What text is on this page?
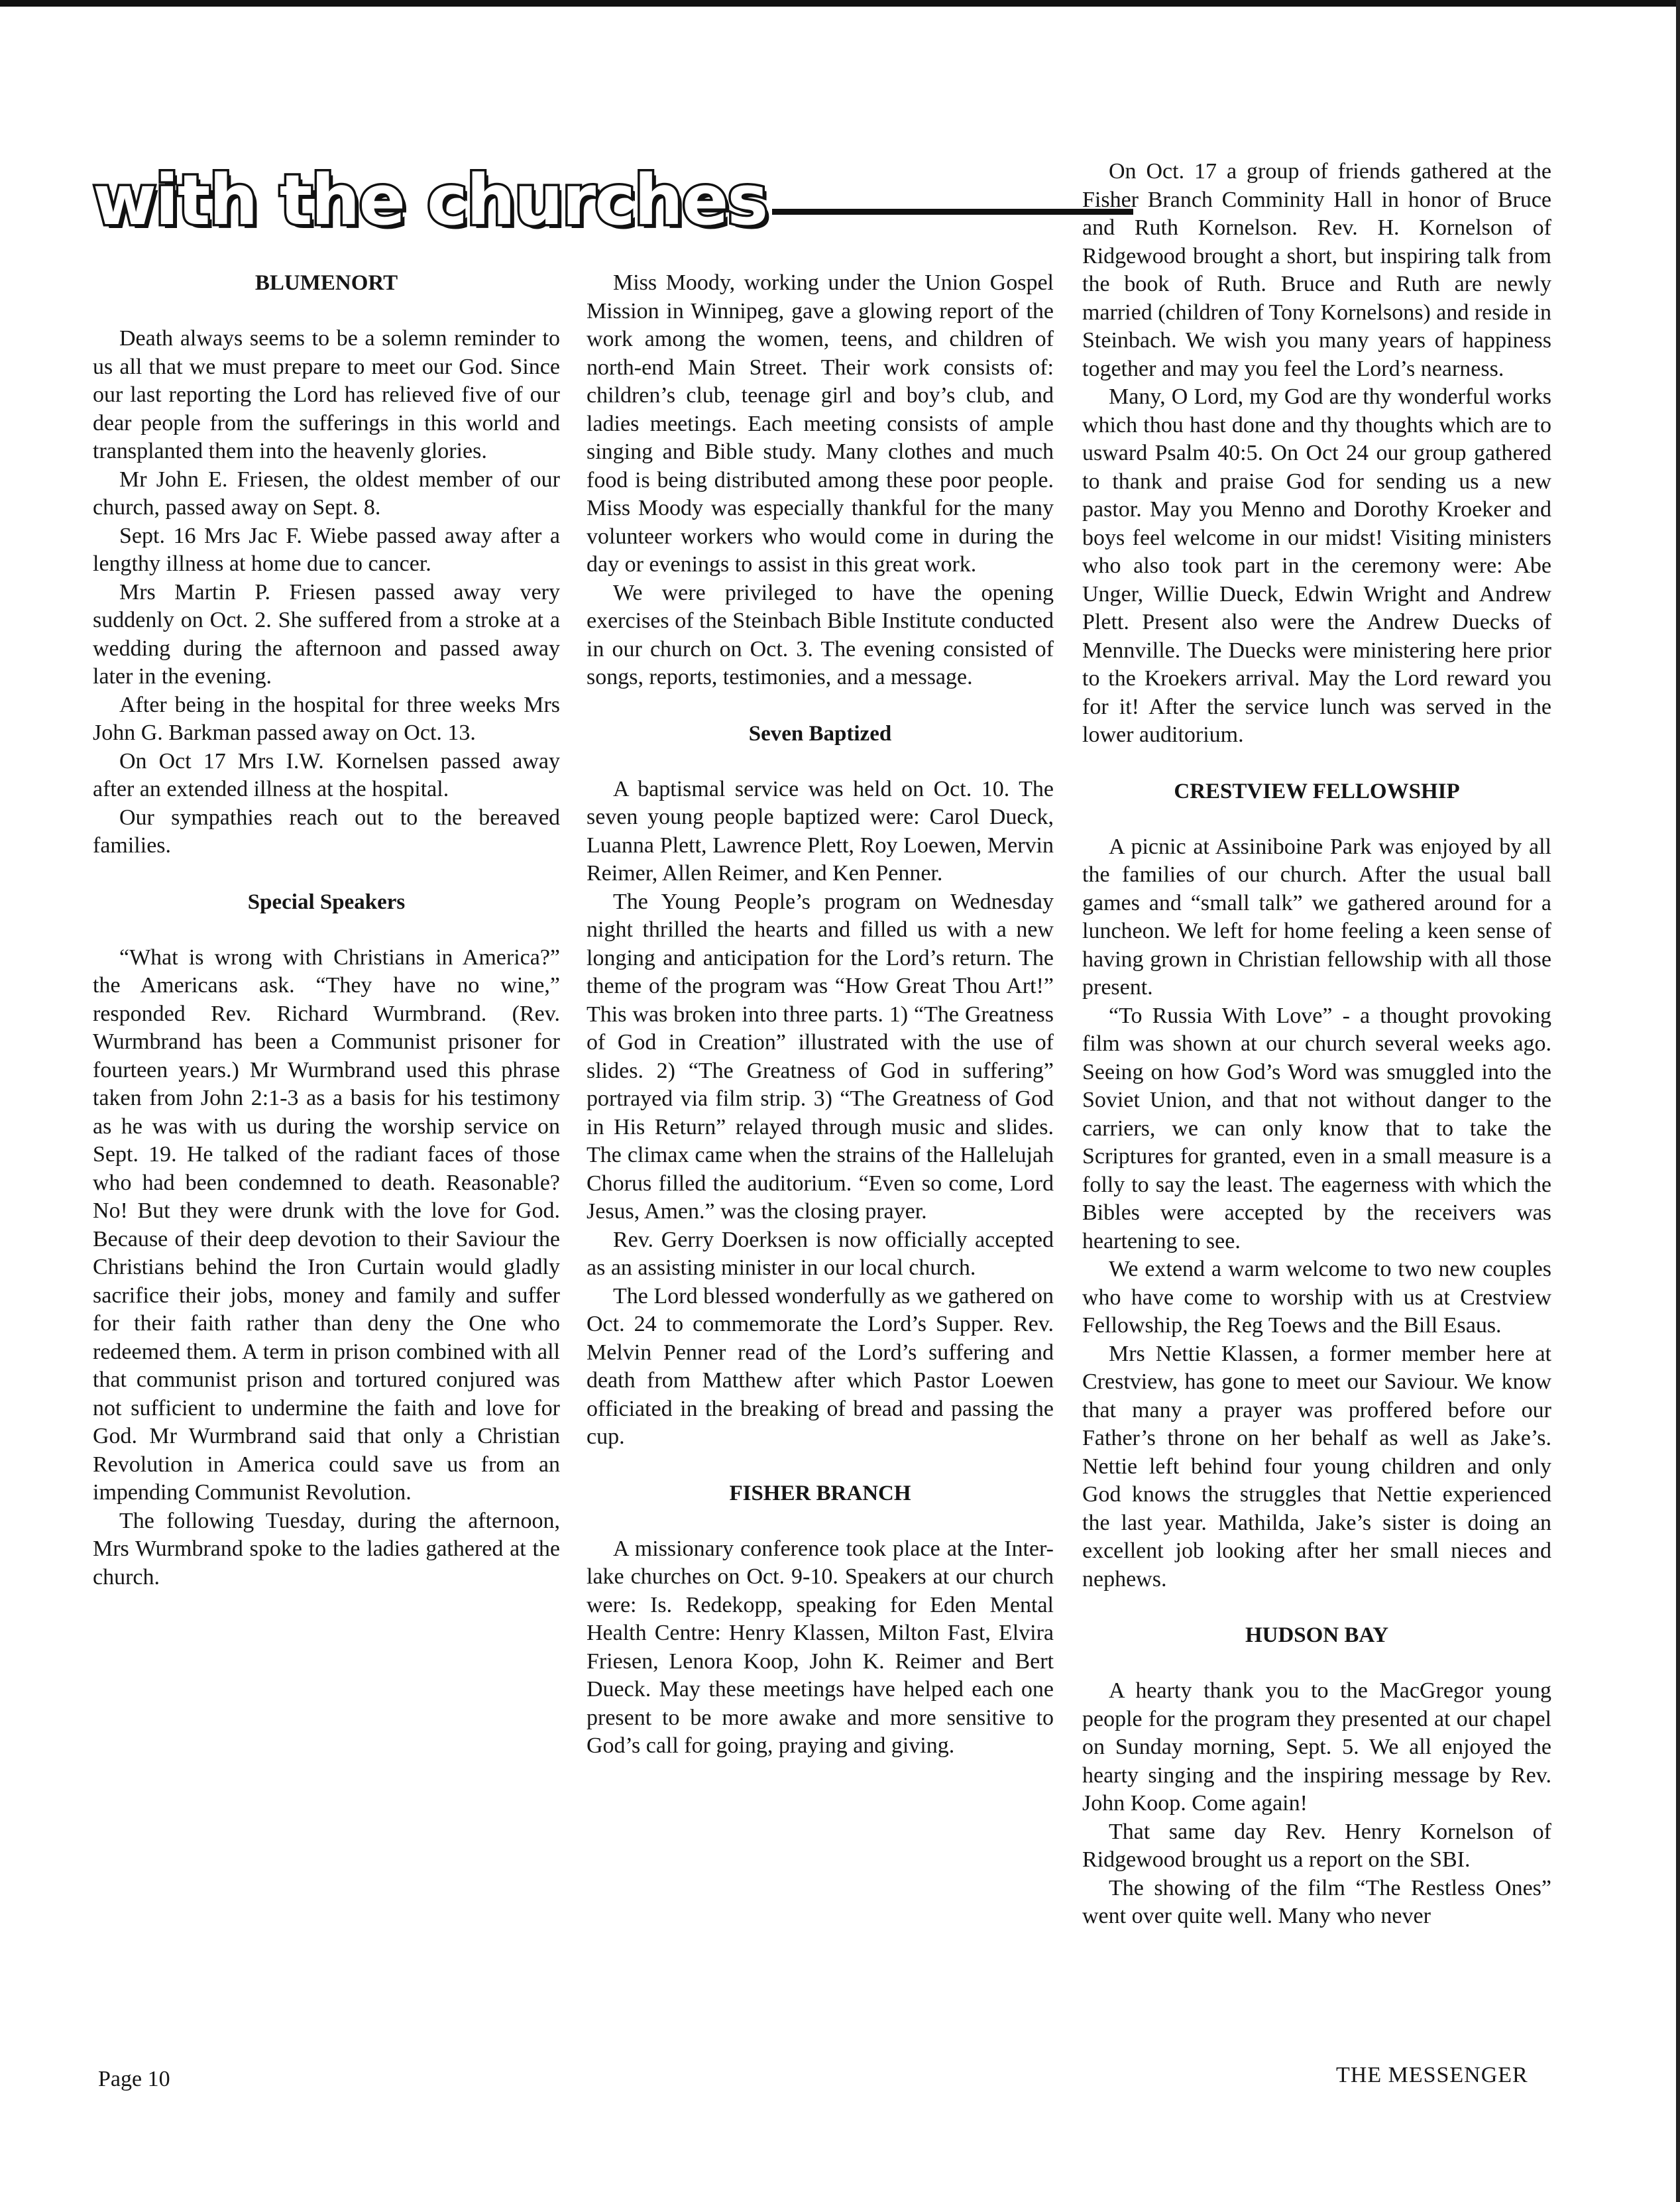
with the churches
BLUMENORT

Death always seems to be a solemn reminder to us all that we must prepare to meet our God. Since our last reporting the Lord has relieved five of our dear people from the sufferings in this world and transplanted them into the heavenly glories.

Mr John E. Friesen, the oldest member of our church, passed away on Sept. 8.

Sept. 16 Mrs Jac F. Wiebe passed away after a lengthy illness at home due to cancer.

Mrs Martin P. Friesen passed away very suddenly on Oct. 2. She suffered from a stroke at a wedding during the afternoon and passed away later in the evening.

After being in the hospital for three weeks Mrs John G. Barkman passed away on Oct. 13.

On Oct 17 Mrs I.W. Kornelsen passed away after an extended illness at the hospital.

Our sympathies reach out to the bereaved families.

Special Speakers

“What is wrong with Christians in America?” the Americans ask. “They have no wine,” responded Rev. Richard Wurmbrand. (Rev. Wurmbrand has been a Communist prisoner for fourteen years.) Mr Wurmbrand used this phrase taken from John 2:1-3 as a basis for his testimony as he was with us during the worship service on Sept. 19. He talked of the radiant faces of those who had been condemned to death. Reasonable? No! But they were drunk with the love for God. Because of their deep devotion to their Saviour the Christians behind the Iron Curtain would gladly sacrifice their jobs, money and family and suffer for their faith rather than deny the One who redeemed them. A term in prison combined with all that communist prison and tortured conjured was not sufficient to undermine the faith and love for God. Mr Wurmbrand said that only a Christian Revolution in America could save us from an impending Communist Revolution.

The following Tuesday, during the afternoon, Mrs Wurmbrand spoke to the ladies gathered at the church.

Miss Moody, working under the Union Gospel Mission in Winnipeg, gave a glowing report of the work among the women, teens, and children of north-end Main Street. Their work consists of: children’s club, teenage girl and boy’s club, and ladies meetings. Each meeting consists of ample singing and Bible study. Many clothes and much food is being distributed among these poor people. Miss Moody was especially thankful for the many volunteer workers who would come in during the day or evenings to assist in this great work.

We were privileged to have the opening exercises of the Steinbach Bible Institute conducted in our church on Oct. 3. The evening consisted of songs, reports, testimonies, and a message.

Seven Baptized

A baptismal service was held on Oct. 10. The seven young people baptized were: Carol Dueck, Luanna Plett, Lawrence Plett, Roy Loewen, Mervin Reimer, Allen Reimer, and Ken Penner.

The Young People’s program on Wednesday night thrilled the hearts and filled us with a new longing and anticipation for the Lord’s return. The theme of the program was “How Great Thou Art!” This was broken into three parts. 1) “The Greatness of God in Creation” illustrated with the use of slides. 2) “The Greatness of God in suffering” portrayed via film strip. 3) “The Greatness of God in His Return” relayed through music and slides. The climax came when the strains of the Hallelujah Chorus filled the auditorium. “Even so come, Lord Jesus, Amen.” was the closing prayer.

Rev. Gerry Doerksen is now officially accepted as an assisting minister in our local church.

The Lord blessed wonderfully as we gathered on Oct. 24 to commemorate the Lord’s Supper. Rev. Melvin Penner read of the Lord’s suffering and death from Matthew after which Pastor Loewen officiated in the breaking of bread and passing the cup.

FISHER BRANCH

A missionary conference took place at the Inter-lake churches on Oct. 9-10. Speakers at our church were: Is. Redekopp, speaking for Eden Mental Health Centre: Henry Klassen, Milton Fast, Elvira Friesen, Lenora Koop, John K. Reimer and Bert Dueck. May these meetings have helped each one present to be more awake and more sensitive to God’s call for going, praying and giving.

On Oct. 17 a group of friends gathered at the Fisher Branch Comminity Hall in honor of Bruce and Ruth Kornelson. Rev. H. Kornelson of Ridgewood brought a short, but inspiring talk from the book of Ruth. Bruce and Ruth are newly married (children of Tony Kornelsons) and reside in Steinbach. We wish you many years of happiness together and may you feel the Lord’s nearness.

Many, O Lord, my God are thy wonderful works which thou hast done and thy thoughts which are to usward Psalm 40:5. On Oct 24 our group gathered to thank and praise God for sending us a new pastor. May you Menno and Dorothy Kroeker and boys feel welcome in our midst! Visiting ministers who also took part in the ceremony were: Abe Unger, Willie Dueck, Edwin Wright and Andrew Plett. Present also were the Andrew Duecks of Mennville. The Duecks were ministering here prior to the Kroekers arrival. May the Lord reward you for it! After the service lunch was served in the lower auditorium.

CRESTVIEW FELLOWSHIP

A picnic at Assiniboine Park was enjoyed by all the families of our church. After the usual ball games and “small talk” we gathered around for a luncheon. We left for home feeling a keen sense of having grown in Christian fellowship with all those present.

“To Russia With Love” - a thought provoking film was shown at our church several weeks ago. Seeing on how God’s Word was smuggled into the Soviet Union, and that not without danger to the carriers, we can only know that to take the Scriptures for granted, even in a small measure is a folly to say the least. The eagerness with which the Bibles were accepted by the receivers was heartening to see.

We extend a warm welcome to two new couples who have come to worship with us at Crestview Fellowship, the Reg Toews and the Bill Esaus.

Mrs Nettie Klassen, a former member here at Crestview, has gone to meet our Saviour. We know that many a prayer was proffered before our Father’s throne on her behalf as well as Jake’s. Nettie left behind four young children and only God knows the struggles that Nettie experienced the last year. Mathilda, Jake’s sister is doing an excellent job looking after her small nieces and nephews.

HUDSON BAY

A hearty thank you to the MacGregor young people for the program they presented at our chapel on Sunday morning, Sept. 5. We all enjoyed the hearty singing and the inspiring message by Rev. John Koop. Come again!

That same day Rev. Henry Kornelson of Ridgewood brought us a report on the SBI.

The showing of the film “The Restless Ones” went over quite well. Many who never

Page 10	THE MESSENGER
